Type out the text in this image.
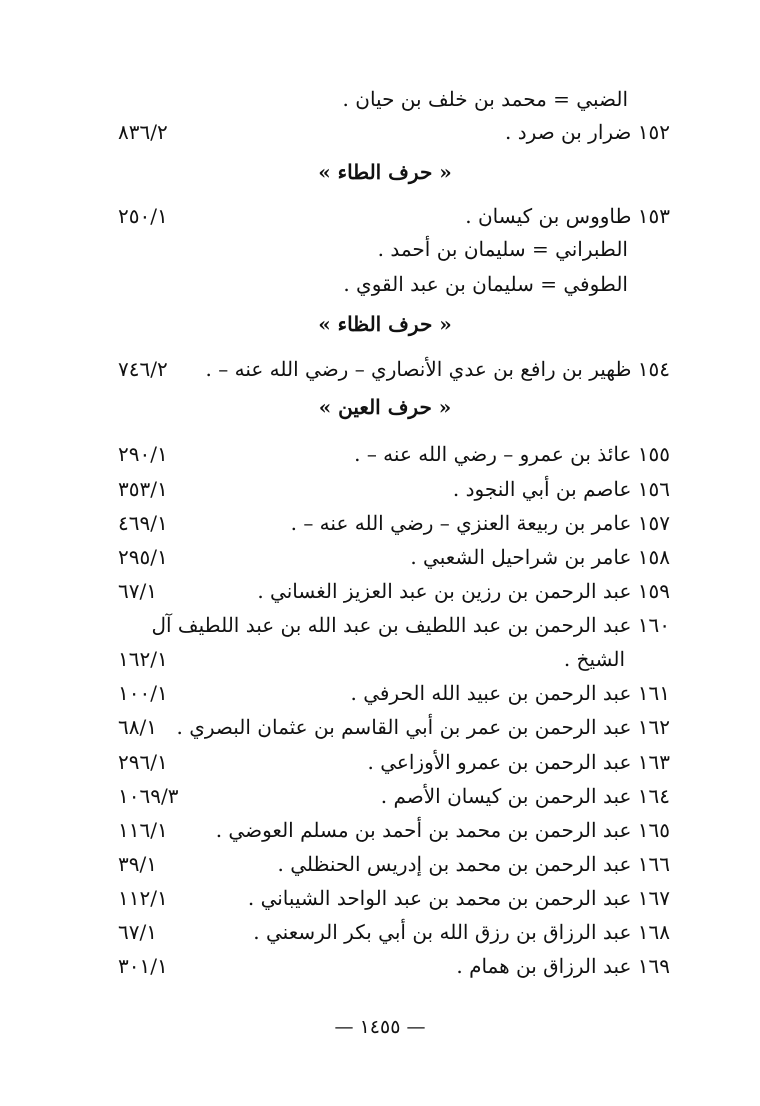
الضبي = محمد بن خلف بن حيان .
١٥٢ ضرار بن صرد .
٨٣٦/٢
« حرف الطاء »
١٥٣ طاووس بن كيسان .
٢٥٠/١
الطبراني = سليمان بن أحمد .
الطوفي = سليمان بن عبد القوي .
« حرف الظاء »
١٥٤ ظهير بن رافع بن عدي الأنصاري – رضي الله عنه – .
٧٤٦/٢
« حرف العين »
١٥٥ عائذ بن عمرو – رضي الله عنه – .
٢٩٠/١
١٥٦ عاصم بن أبي النجود .
٣٥٣/١
١٥٧ عامر بن ربيعة العنزي – رضي الله عنه – .
٤٦٩/١
١٥٨ عامر بن شراحيل الشعبي .
٢٩٥/١
١٥٩ عبد الرحمن بن رزين بن عبد العزيز الغساني .
٦٧/١
١٦٠ عبد الرحمن بن عبد اللطيف بن عبد الله بن عبد اللطيف آل
الشيخ .
١٦٢/١
١٦١ عبد الرحمن بن عبيد الله الحرفي .
١٠٠/١
١٦٢ عبد الرحمن بن عمر بن أبي القاسم بن عثمان البصري .
٦٨/١
١٦٣ عبد الرحمن بن عمرو الأوزاعي .
٢٩٦/١
١٦٤ عبد الرحمن بن كيسان الأصم .
١٠٦٩/٣
١٦٥ عبد الرحمن بن محمد بن أحمد بن مسلم العوضي .
١١٦/١
١٦٦ عبد الرحمن بن محمد بن إدريس الحنظلي .
٣٩/١
١٦٧ عبد الرحمن بن محمد بن عبد الواحد الشيباني .
١١٢/١
١٦٨ عبد الرزاق بن رزق الله بن أبي بكر الرسعني .
٦٧/١
١٦٩ عبد الرزاق بن همام .
٣٠١/١
— ١٤٥٥ —
